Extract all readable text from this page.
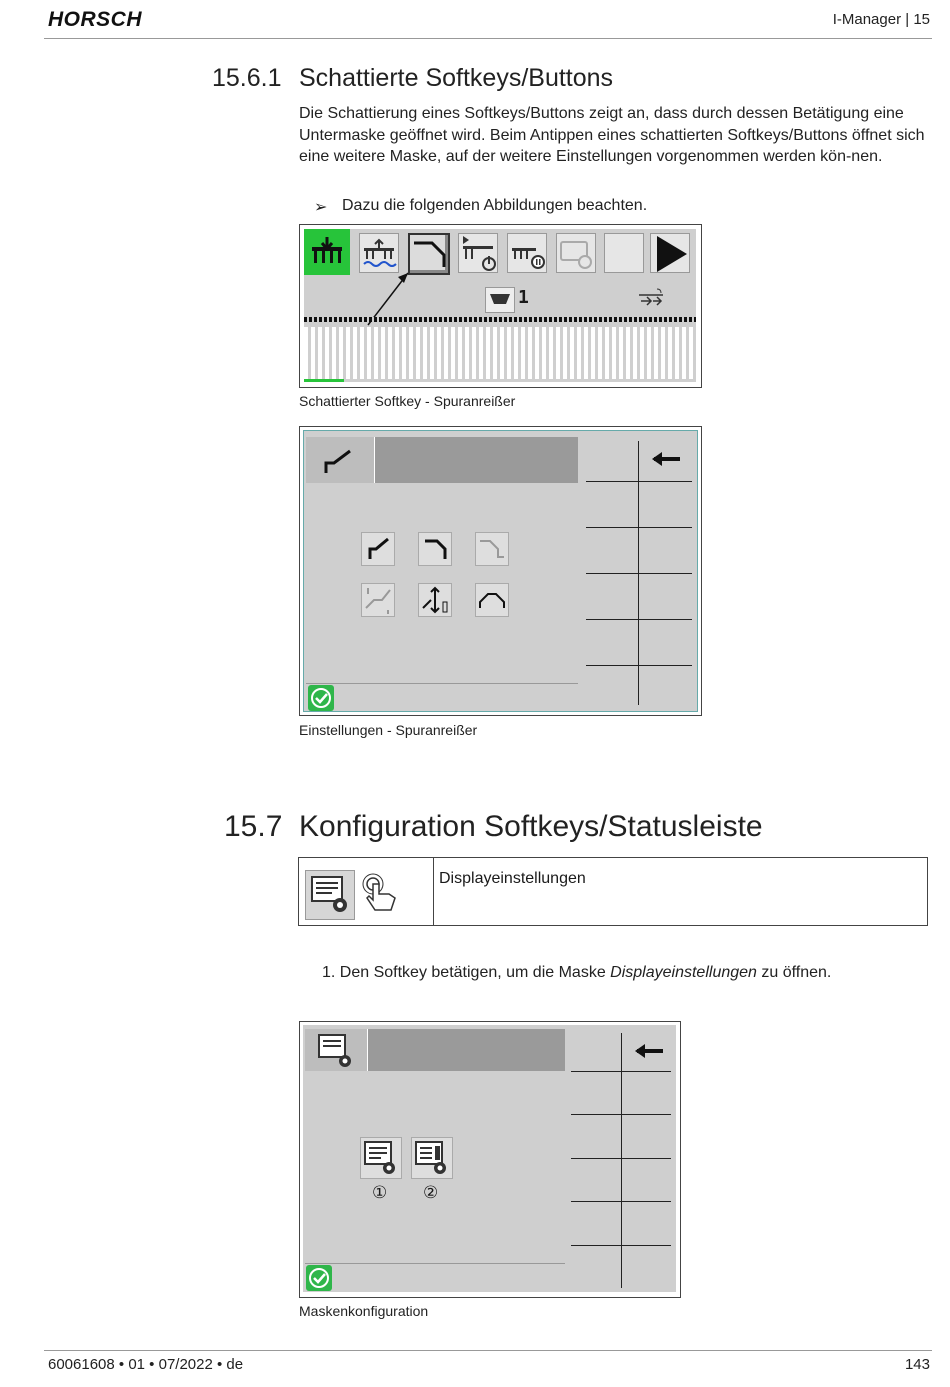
HORSCH	I-Manager | 15
15.6.1 Schattierte Softkeys/Buttons
Die Schattierung eines Softkeys/Buttons zeigt an, dass durch dessen Betätigung eine Untermaske geöffnet wird. Beim Antippen eines schattierten Softkeys/Buttons öffnet sich eine weitere Maske, auf der weitere Einstellungen vorgenommen werden kön-nen.
➢ Dazu die folgenden Abbildungen beachten.
1
Schattierter Softkey - Spuranreißer
Einstellungen - Spuranreißer
15.7 Konfiguration Softkeys/Statusleiste
Displayeinstellungen
1. Den Softkey betätigen, um die Maske Displayeinstellungen zu öffnen.
① ②
Maskenkonfiguration
60061608 • 01 • 07/2022 • de	143
